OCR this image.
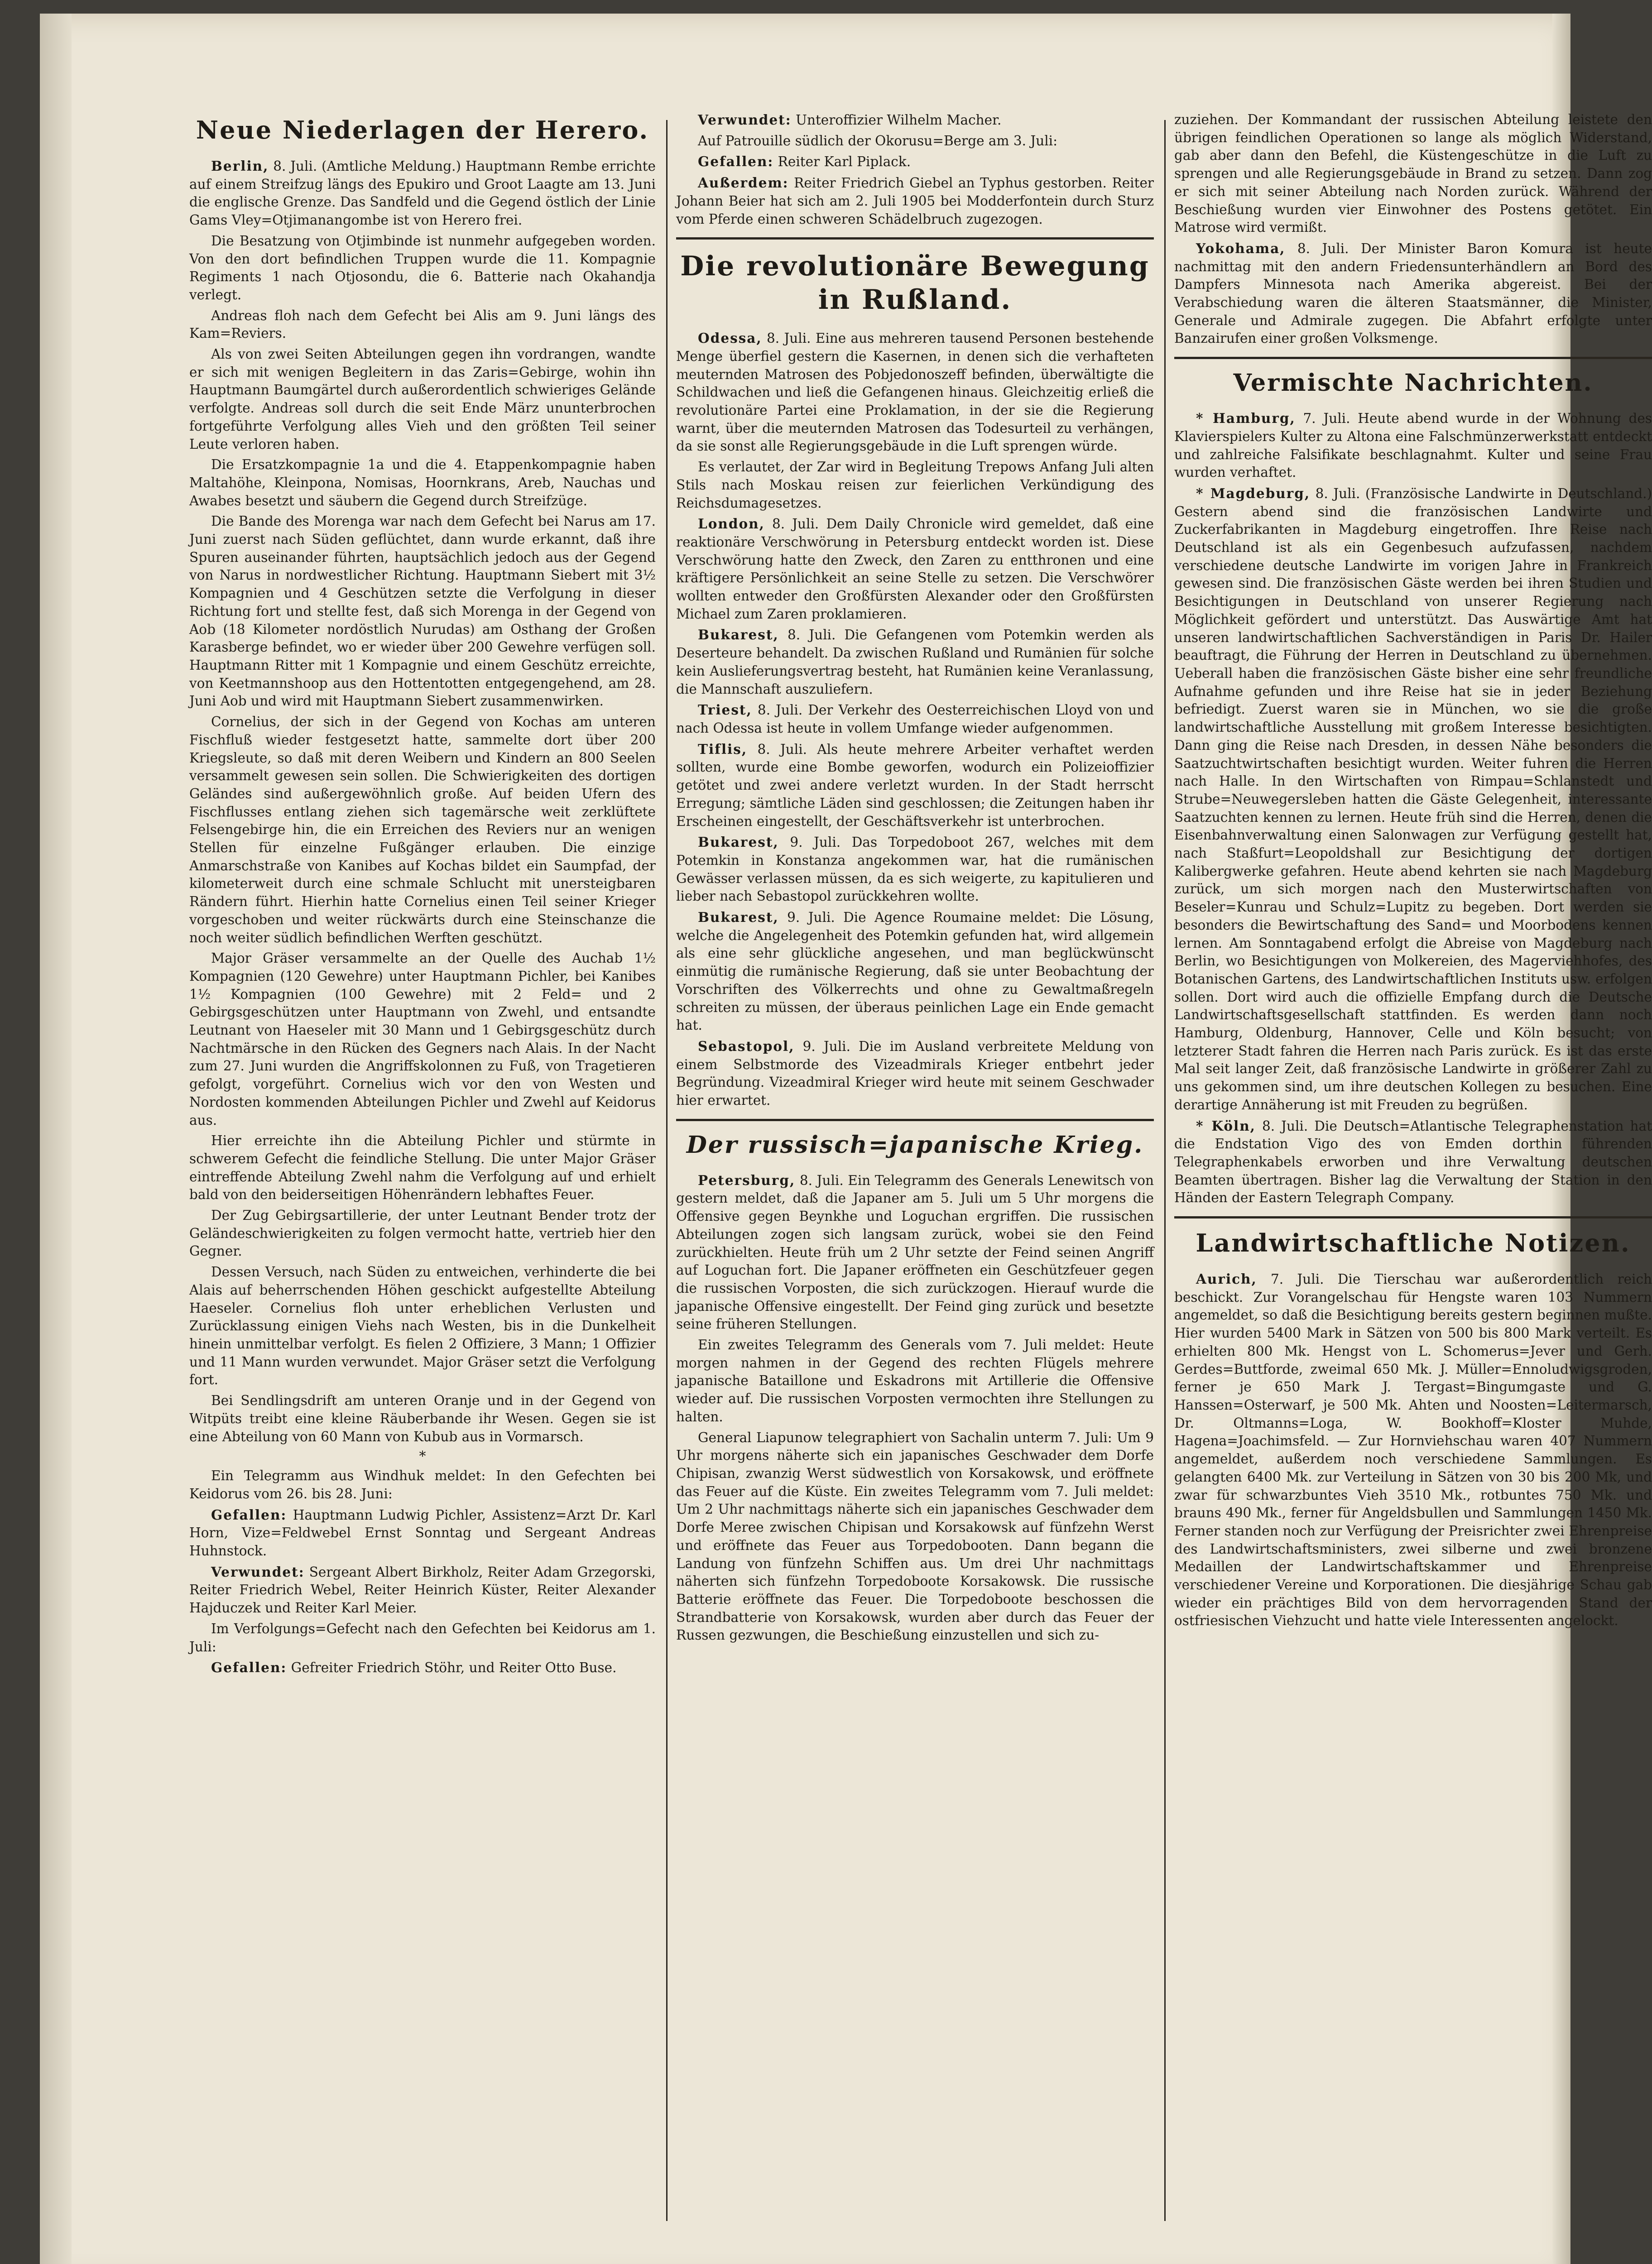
Neue Niederlagen der Herero.

Berlin, 8. Juli. (Amtliche Meldung.) Hauptmann Rembe errichte auf einem Streifzug längs des Epukiro und Groot Laagte am 13. Juni die englische Grenze. Das Sandfeld und die Gegend östlich der Linie Gams Vley=Otjimanangombe ist von Herero frei.

Die Besatzung von Otjimbinde ist nunmehr aufgegeben worden. Von den dort befindlichen Truppen wurde die 11. Kompagnie Regiments 1 nach Otjosondu, die 6. Batterie nach Okahandja verlegt.

Andreas floh nach dem Gefecht bei Alis am 9. Juni längs des Kam=Reviers.

Als von zwei Seiten Abteilungen gegen ihn vordrangen, wandte er sich mit wenigen Begleitern in das Zaris=Gebirge, wohin ihn Hauptmann Baumgärtel durch außerordentlich schwieriges Gelände verfolgte. Andreas soll durch die seit Ende März ununterbrochen fortgeführte Verfolgung alles Vieh und den größten Teil seiner Leute verloren haben.

Die Ersatzkompagnie 1a und die 4. Etappenkompagnie haben Maltahöhe, Kleinpona, Nomisas, Hoornkrans, Areb, Nauchas und Awabes besetzt und säubern die Gegend durch Streifzüge.

Die Bande des Morenga war nach dem Gefecht bei Narus am 17. Juni zuerst nach Süden geflüchtet, dann wurde erkannt, daß ihre Spuren auseinander führten, hauptsächlich jedoch aus der Gegend von Narus in nordwestlicher Richtung. Hauptmann Siebert mit 3½ Kompagnien und 4 Geschützen setzte die Verfolgung in dieser Richtung fort und stellte fest, daß sich Morenga in der Gegend von Aob (18 Kilometer nordöstlich Nurudas) am Osthang der Großen Karasberge befindet, wo er wieder über 200 Gewehre verfügen soll. Hauptmann Ritter mit 1 Kompagnie und einem Geschütz erreichte, von Keetmannshoop aus den Hottentotten entgegengehend, am 28. Juni Aob und wird mit Hauptmann Siebert zusammenwirken.

Cornelius, der sich in der Gegend von Kochas am unteren Fischfluß wieder festgesetzt hatte, sammelte dort über 200 Kriegsleute, so daß mit deren Weibern und Kindern an 800 Seelen versammelt gewesen sein sollen. Die Schwierigkeiten des dortigen Geländes sind außergewöhnlich große. Auf beiden Ufern des Fischflusses entlang ziehen sich tagemärsche weit zerklüftete Felsengebirge hin, die ein Erreichen des Reviers nur an wenigen Stellen für einzelne Fußgänger erlauben. Die einzige Anmarschstraße von Kanibes auf Kochas bildet ein Saumpfad, der kilometerweit durch eine schmale Schlucht mit unersteigbaren Rändern führt. Hierhin hatte Cornelius einen Teil seiner Krieger vorgeschoben und weiter rückwärts durch eine Steinschanze die noch weiter südlich befindlichen Werften geschützt.

Major Gräser versammelte an der Quelle des Auchab 1½ Kompagnien (120 Gewehre) unter Hauptmann Pichler, bei Kanibes 1½ Kompagnien (100 Gewehre) mit 2 Feld= und 2 Gebirgsgeschützen unter Hauptmann von Zwehl, und entsandte Leutnant von Haeseler mit 30 Mann und 1 Gebirgsgeschütz durch Nachtmärsche in den Rücken des Gegners nach Alais. In der Nacht zum 27. Juni wurden die Angriffskolonnen zu Fuß, von Tragetieren gefolgt, vorgeführt. Cornelius wich vor den von Westen und Nordosten kommenden Abteilungen Pichler und Zwehl auf Keidorus aus.

Hier erreichte ihn die Abteilung Pichler und stürmte in schwerem Gefecht die feindliche Stellung. Die unter Major Gräser eintreffende Abteilung Zwehl nahm die Verfolgung auf und erhielt bald von den beiderseitigen Höhenrändern lebhaftes Feuer.

Der Zug Gebirgsartillerie, der unter Leutnant Bender trotz der Geländeschwierigkeiten zu folgen vermocht hatte, vertrieb hier den Gegner.

Dessen Versuch, nach Süden zu entweichen, verhinderte die bei Alais auf beherrschenden Höhen geschickt aufgestellte Abteilung Haeseler. Cornelius floh unter erheblichen Verlusten und Zurücklassung einigen Viehs nach Westen, bis in die Dunkelheit hinein unmittelbar verfolgt. Es fielen 2 Offiziere, 3 Mann; 1 Offizier und 11 Mann wurden verwundet. Major Gräser setzt die Verfolgung fort.

Bei Sendlingsdrift am unteren Oranje und in der Gegend von Witpüts treibt eine kleine Räuberbande ihr Wesen. Gegen sie ist eine Abteilung von 60 Mann von Kubub aus in Vormarsch.

*

Ein Telegramm aus Windhuk meldet: In den Gefechten bei Keidorus vom 26. bis 28. Juni:

Gefallen: Hauptmann Ludwig Pichler, Assistenz=Arzt Dr. Karl Horn, Vize=Feldwebel Ernst Sonntag und Sergeant Andreas Huhnstock.

Verwundet: Sergeant Albert Birkholz, Reiter Adam Grzegorski, Reiter Friedrich Webel, Reiter Heinrich Küster, Reiter Alexander Hajduczek und Reiter Karl Meier.

Im Verfolgungs=Gefecht nach den Gefechten bei Keidorus am 1. Juli:

Gefallen: Gefreiter Friedrich Stöhr, und Reiter Otto Buse.

Verwundet: Unteroffizier Wilhelm Macher.

Auf Patrouille südlich der Okorusu=Berge am 3. Juli:

Gefallen: Reiter Karl Piplack.

Außerdem: Reiter Friedrich Giebel an Typhus gestorben. Reiter Johann Beier hat sich am 2. Juli 1905 bei Modderfontein durch Sturz vom Pferde einen schweren Schädelbruch zugezogen.

Die revolutionäre Bewegung in Rußland.

Odessa, 8. Juli. Eine aus mehreren tausend Personen bestehende Menge überfiel gestern die Kasernen, in denen sich die verhafteten meuternden Matrosen des Pobjedonoszeff befinden, überwältigte die Schildwachen und ließ die Gefangenen hinaus. Gleichzeitig erließ die revolutionäre Partei eine Proklamation, in der sie die Regierung warnt, über die meuternden Matrosen das Todesurteil zu verhängen, da sie sonst alle Regierungsgebäude in die Luft sprengen würde.

Es verlautet, der Zar wird in Begleitung Trepows Anfang Juli alten Stils nach Moskau reisen zur feierlichen Verkündigung des Reichsdumagesetzes.

London, 8. Juli. Dem Daily Chronicle wird gemeldet, daß eine reaktionäre Verschwörung in Petersburg entdeckt worden ist. Diese Verschwörung hatte den Zweck, den Zaren zu entthronen und eine kräftigere Persönlichkeit an seine Stelle zu setzen. Die Verschwörer wollten entweder den Großfürsten Alexander oder den Großfürsten Michael zum Zaren proklamieren.

Bukarest, 8. Juli. Die Gefangenen vom Potemkin werden als Deserteure behandelt. Da zwischen Rußland und Rumänien für solche kein Auslieferungsvertrag besteht, hat Rumänien keine Veranlassung, die Mannschaft auszuliefern.

Triest, 8. Juli. Der Verkehr des Oesterreichischen Lloyd von und nach Odessa ist heute in vollem Umfange wieder aufgenommen.

Tiflis, 8. Juli. Als heute mehrere Arbeiter verhaftet werden sollten, wurde eine Bombe geworfen, wodurch ein Polizeioffizier getötet und zwei andere verletzt wurden. In der Stadt herrscht Erregung; sämtliche Läden sind geschlossen; die Zeitungen haben ihr Erscheinen eingestellt, der Geschäftsverkehr ist unterbrochen.

Bukarest, 9. Juli. Das Torpedoboot 267, welches mit dem Potemkin in Konstanza angekommen war, hat die rumänischen Gewässer verlassen müssen, da es sich weigerte, zu kapitulieren und lieber nach Sebastopol zurückkehren wollte.

Bukarest, 9. Juli. Die Agence Roumaine meldet: Die Lösung, welche die Angelegenheit des Potemkin gefunden hat, wird allgemein als eine sehr glückliche angesehen, und man beglückwünscht einmütig die rumänische Regierung, daß sie unter Beobachtung der Vorschriften des Völkerrechts und ohne zu Gewaltmaßregeln schreiten zu müssen, der überaus peinlichen Lage ein Ende gemacht hat.

Sebastopol, 9. Juli. Die im Ausland verbreitete Meldung von einem Selbstmorde des Vizeadmirals Krieger entbehrt jeder Begründung. Vizeadmiral Krieger wird heute mit seinem Geschwader hier erwartet.

Der russisch=japanische Krieg.

Petersburg, 8. Juli. Ein Telegramm des Generals Lenewitsch von gestern meldet, daß die Japaner am 5. Juli um 5 Uhr morgens die Offensive gegen Beynkhe und Loguchan ergriffen. Die russischen Abteilungen zogen sich langsam zurück, wobei sie den Feind zurückhielten. Heute früh um 2 Uhr setzte der Feind seinen Angriff auf Loguchan fort. Die Japaner eröffneten ein Geschützfeuer gegen die russischen Vorposten, die sich zurückzogen. Hierauf wurde die japanische Offensive eingestellt. Der Feind ging zurück und besetzte seine früheren Stellungen.

Ein zweites Telegramm des Generals vom 7. Juli meldet: Heute morgen nahmen in der Gegend des rechten Flügels mehrere japanische Bataillone und Eskadrons mit Artillerie die Offensive wieder auf. Die russischen Vorposten vermochten ihre Stellungen zu halten.

General Liapunow telegraphiert von Sachalin unterm 7. Juli: Um 9 Uhr morgens näherte sich ein japanisches Geschwader dem Dorfe Chipisan, zwanzig Werst südwestlich von Korsakowsk, und eröffnete das Feuer auf die Küste. Ein zweites Telegramm vom 7. Juli meldet: Um 2 Uhr nachmittags näherte sich ein japanisches Geschwader dem Dorfe Meree zwischen Chipisan und Korsakowsk auf fünfzehn Werst und eröffnete das Feuer aus Torpedobooten. Dann begann die Landung von fünfzehn Schiffen aus. Um drei Uhr nachmittags näherten sich fünfzehn Torpedoboote Korsakowsk. Die russische Batterie eröffnete das Feuer. Die Torpedoboote beschossen die Strandbatterie von Korsakowsk, wurden aber durch das Feuer der Russen gezwungen, die Beschießung einzustellen und sich zu-

zuziehen. Der Kommandant der russischen Abteilung leistete den übrigen feindlichen Operationen so lange als möglich Widerstand, gab aber dann den Befehl, die Küstengeschütze in die Luft zu sprengen und alle Regierungsgebäude in Brand zu setzen. Dann zog er sich mit seiner Abteilung nach Norden zurück. Während der Beschießung wurden vier Einwohner des Postens getötet. Ein Matrose wird vermißt.

Yokohama, 8. Juli. Der Minister Baron Komura ist heute nachmittag mit den andern Friedensunterhändlern an Bord des Dampfers Minnesota nach Amerika abgereist. Bei der Verabschiedung waren die älteren Staatsmänner, die Minister, Generale und Admirale zugegen. Die Abfahrt erfolgte unter Banzairufen einer großen Volksmenge.

Vermischte Nachrichten.

* Hamburg, 7. Juli. Heute abend wurde in der Wohnung des Klavierspielers Kulter zu Altona eine Falschmünzerwerkstatt entdeckt und zahlreiche Falsifikate beschlagnahmt. Kulter und seine Frau wurden verhaftet.

* Magdeburg, 8. Juli. (Französische Landwirte in Deutschland.) Gestern abend sind die französischen Landwirte und Zuckerfabrikanten in Magdeburg eingetroffen. Ihre Reise nach Deutschland ist als ein Gegenbesuch aufzufassen, nachdem verschiedene deutsche Landwirte im vorigen Jahre in Frankreich gewesen sind. Die französischen Gäste werden bei ihren Studien und Besichtigungen in Deutschland von unserer Regierung nach Möglichkeit gefördert und unterstützt. Das Auswärtige Amt hat unseren landwirtschaftlichen Sachverständigen in Paris Dr. Hailer beauftragt, die Führung der Herren in Deutschland zu übernehmen. Ueberall haben die französischen Gäste bisher eine sehr freundliche Aufnahme gefunden und ihre Reise hat sie in jeder Beziehung befriedigt. Zuerst waren sie in München, wo sie die große landwirtschaftliche Ausstellung mit großem Interesse besichtigten. Dann ging die Reise nach Dresden, in dessen Nähe besonders die Saatzuchtwirtschaften besichtigt wurden. Weiter fuhren die Herren nach Halle. In den Wirtschaften von Rimpau=Schlanstedt und Strube=Neuwegersleben hatten die Gäste Gelegenheit, interessante Saatzuchten kennen zu lernen. Heute früh sind die Herren, denen die Eisenbahnverwaltung einen Salonwagen zur Verfügung gestellt hat, nach Staßfurt=Leopoldshall zur Besichtigung der dortigen Kalibergwerke gefahren. Heute abend kehrten sie nach Magdeburg zurück, um sich morgen nach den Musterwirtschaften von Beseler=Kunrau und Schulz=Lupitz zu begeben. Dort werden sie besonders die Bewirtschaftung des Sand= und Moorbodens kennen lernen. Am Sonntagabend erfolgt die Abreise von Magdeburg nach Berlin, wo Besichtigungen von Molkereien, des Magerviehhofes, des Botanischen Gartens, des Landwirtschaftlichen Instituts usw. erfolgen sollen. Dort wird auch die offizielle Empfang durch die Deutsche Landwirtschaftsgesellschaft stattfinden. Es werden dann noch Hamburg, Oldenburg, Hannover, Celle und Köln besucht; von letzterer Stadt fahren die Herren nach Paris zurück. Es ist das erste Mal seit langer Zeit, daß französische Landwirte in größerer Zahl zu uns gekommen sind, um ihre deutschen Kollegen zu besuchen. Eine derartige Annäherung ist mit Freuden zu begrüßen.

* Köln, 8. Juli. Die Deutsch=Atlantische Telegraphenstation hat die Endstation Vigo des von Emden dorthin führenden Telegraphenkabels erworben und ihre Verwaltung deutschen Beamten übertragen. Bisher lag die Verwaltung der Station in den Händen der Eastern Telegraph Company.

Landwirtschaftliche Notizen.

Aurich, 7. Juli. Die Tierschau war außerordentlich reich beschickt. Zur Vorangelschau für Hengste waren 103 Nummern angemeldet, so daß die Besichtigung bereits gestern beginnen mußte. Hier wurden 5400 Mark in Sätzen von 500 bis 800 Mark verteilt. Es erhielten 800 Mk. Hengst von L. Schomerus=Jever und Gerh. Gerdes=Buttforde, zweimal 650 Mk. J. Müller=Ennoludwigsgroden, ferner je 650 Mark J. Tergast=Bingumgaste und G. Hanssen=Osterwarf, je 500 Mk. Ahten und Noosten=Leitermarsch, Dr. Oltmanns=Loga, W. Bookhoff=Kloster Muhde, Hagena=Joachimsfeld. — Zur Hornviehschau waren 407 Nummern angemeldet, außerdem noch verschiedene Sammlungen. Es gelangten 6400 Mk. zur Verteilung in Sätzen von 30 bis 200 Mk, und zwar für schwarzbuntes Vieh 3510 Mk., rotbuntes 750 Mk. und brauns 490 Mk., ferner für Angeldsbullen und Sammlungen 1450 Mk. Ferner standen noch zur Verfügung der Preisrichter zwei Ehrenpreise des Landwirtschaftsministers, zwei silberne und zwei bronzene Medaillen der Landwirtschaftskammer und Ehrenpreise verschiedener Vereine und Korporationen. Die diesjährige Schau gab wieder ein prächtiges Bild von dem hervorragenden Stand der ostfriesischen Viehzucht und hatte viele Interessenten angelockt.
